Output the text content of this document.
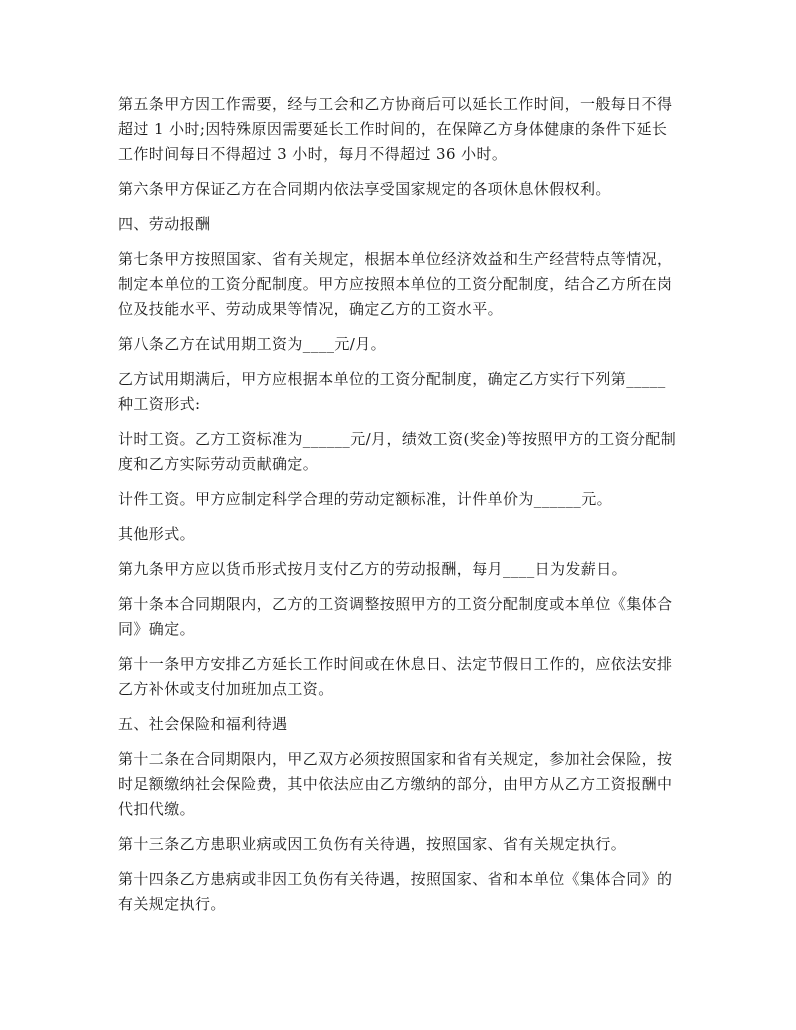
第五条甲方因工作需要，经与工会和乙方协商后可以延长工作时间，一般每日不得超过 1 小时;因特殊原因需要延长工作时间的，在保障乙方身体健康的条件下延长工作时间每日不得超过 3 小时，每月不得超过 36 小时。

第六条甲方保证乙方在合同期内依法享受国家规定的各项休息休假权利。

四、劳动报酬

第七条甲方按照国家、省有关规定，根据本单位经济效益和生产经营特点等情况，制定本单位的工资分配制度。甲方应按照本单位的工资分配制度，结合乙方所在岗位及技能水平、劳动成果等情况，确定乙方的工资水平。

第八条乙方在试用期工资为____元/月。

乙方试用期满后，甲方应根据本单位的工资分配制度，确定乙方实行下列第_____种工资形式:

计时工资。乙方工资标准为______元/月，绩效工资(奖金)等按照甲方的工资分配制度和乙方实际劳动贡献确定。

计件工资。甲方应制定科学合理的劳动定额标准，计件单价为______元。

其他形式。

第九条甲方应以货币形式按月支付乙方的劳动报酬，每月____日为发薪日。

第十条本合同期限内，乙方的工资调整按照甲方的工资分配制度或本单位《集体合同》确定。

第十一条甲方安排乙方延长工作时间或在休息日、法定节假日工作的，应依法安排乙方补休或支付加班加点工资。

五、社会保险和福利待遇

第十二条在合同期限内，甲乙双方必须按照国家和省有关规定，参加社会保险，按时足额缴纳社会保险费，其中依法应由乙方缴纳的部分，由甲方从乙方工资报酬中代扣代缴。

第十三条乙方患职业病或因工负伤有关待遇，按照国家、省有关规定执行。

第十四条乙方患病或非因工负伤有关待遇，按照国家、省和本单位《集体合同》的有关规定执行。
